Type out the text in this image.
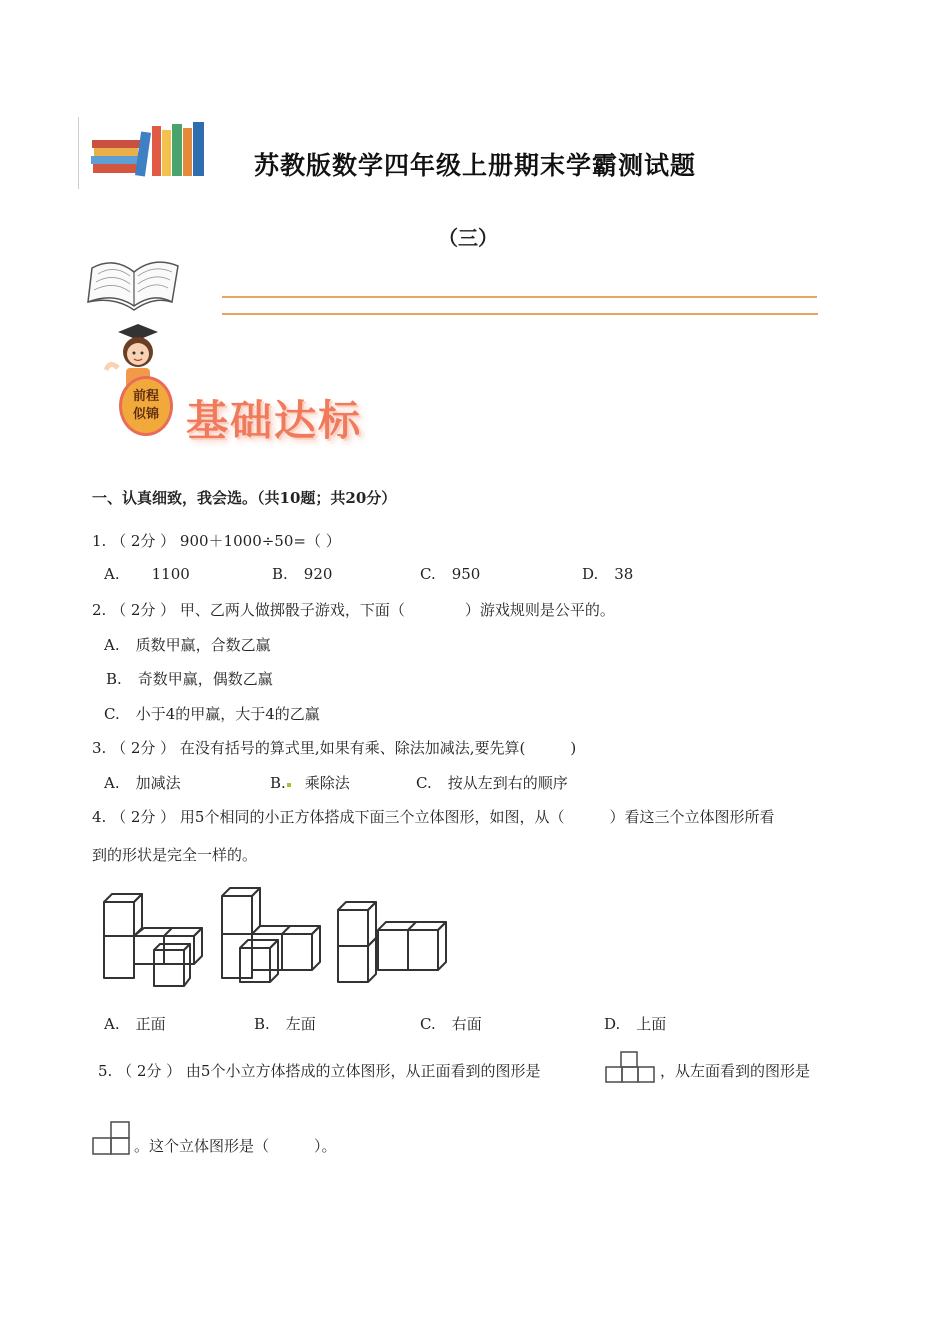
苏教版数学四年级上册期末学霸测试题
（三）
前程
似锦 基础达标
一、认真细致，我会选。（共10题；共20分）
1. （ 2分 ） 900＋1000÷50=（ ）
A. 1100	B. 920	C. 950	D. 38
2. （ 2分 ） 甲、乙两人做掷骰子游戏，下面（　　　　）游戏规则是公平的。
A. 质数甲赢，合数乙赢
B. 奇数甲赢，偶数乙赢
C. 小于4的甲赢，大于4的乙赢
3. （ 2分 ） 在没有括号的算式里,如果有乘、除法加减法,要先算(　　　)
A. 加减法	B. 乘除法	C. 按从左到右的顺序
4. （ 2分 ） 用5个相同的小正方体搭成下面三个立体图形，如图，从（　　　）看这三个立体图形所看
到的形状是完全一样的。
A. 正面	B. 左面	C. 右面	D. 上面
5. （ 2分 ） 由5个小立方体搭成的立体图形，从正面看到的图形是	，从左面看到的图形是
。这个立体图形是（　　　）。
